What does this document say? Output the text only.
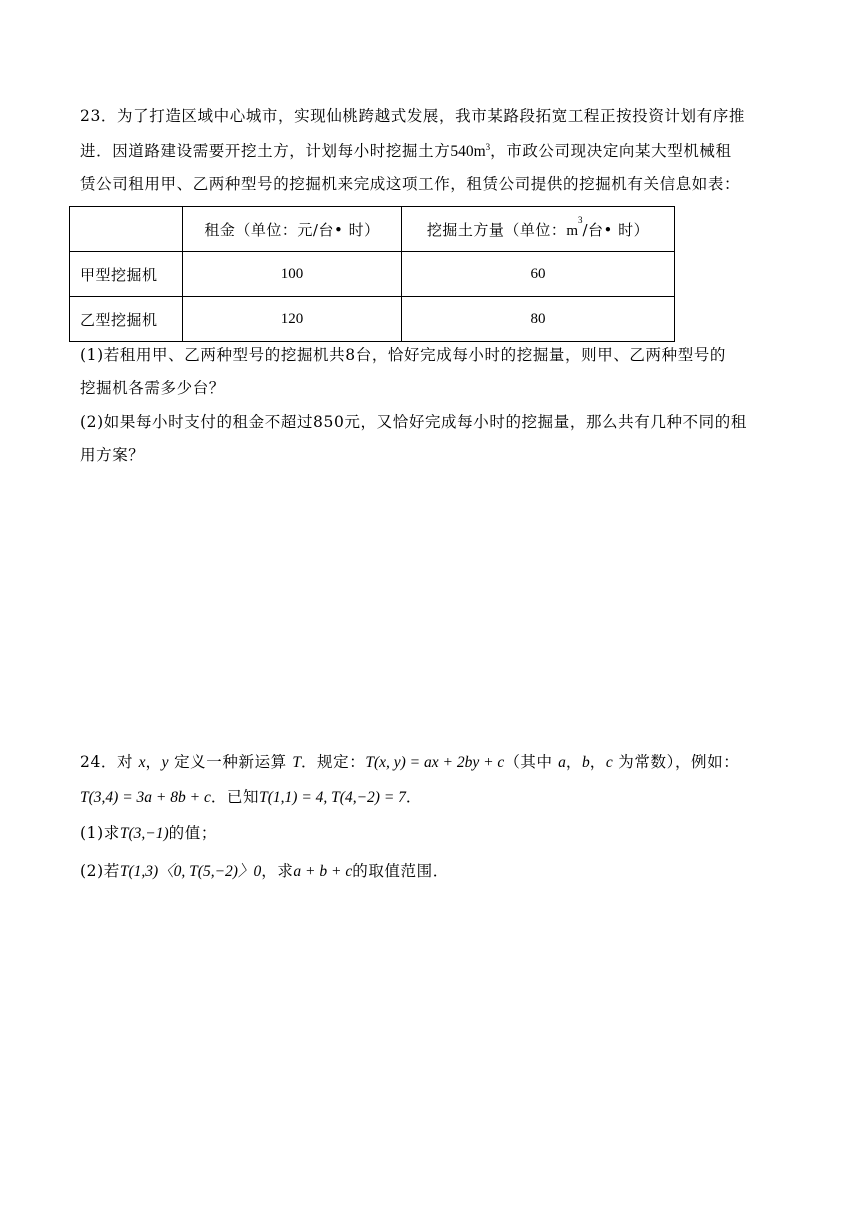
23．为了打造区域中心城市，实现仙桃跨越式发展，我市某路段拓宽工程正按投资计划有序推
进．因道路建设需要开挖土方，计划每小时挖掘土方$540m^3$，市政公司现决定向某大型机械租
赁公司租用甲、乙两种型号的挖掘机来完成这项工作，租赁公司提供的挖掘机有关信息如表：
	租金（单位：元/台• 时）	挖掘土方量（单位：$m^3/$台• 时）
甲型挖掘机	100	60
乙型挖掘机	120	80
(1)若租用甲、乙两种型号的挖掘机共8台，恰好完成每小时的挖掘量，则甲、乙两种型号的
挖掘机各需多少台？
(2)如果每小时支付的租金不超过850元，又恰好完成每小时的挖掘量，那么共有几种不同的租
用方案？
24．对 x，y 定义一种新运算 T．规定：T(x, y) = ax + 2by + c（其中 a，b，c 为常数），例如：
T(3,4) = 3a + 8b + c．已知T(1,1) = 4, T(4,−2) = 7．
(1)求T(3,−1)的值；
(2)若T(1,3)〈0, T(5,−2)〉0，求a + b + c的取值范围．
